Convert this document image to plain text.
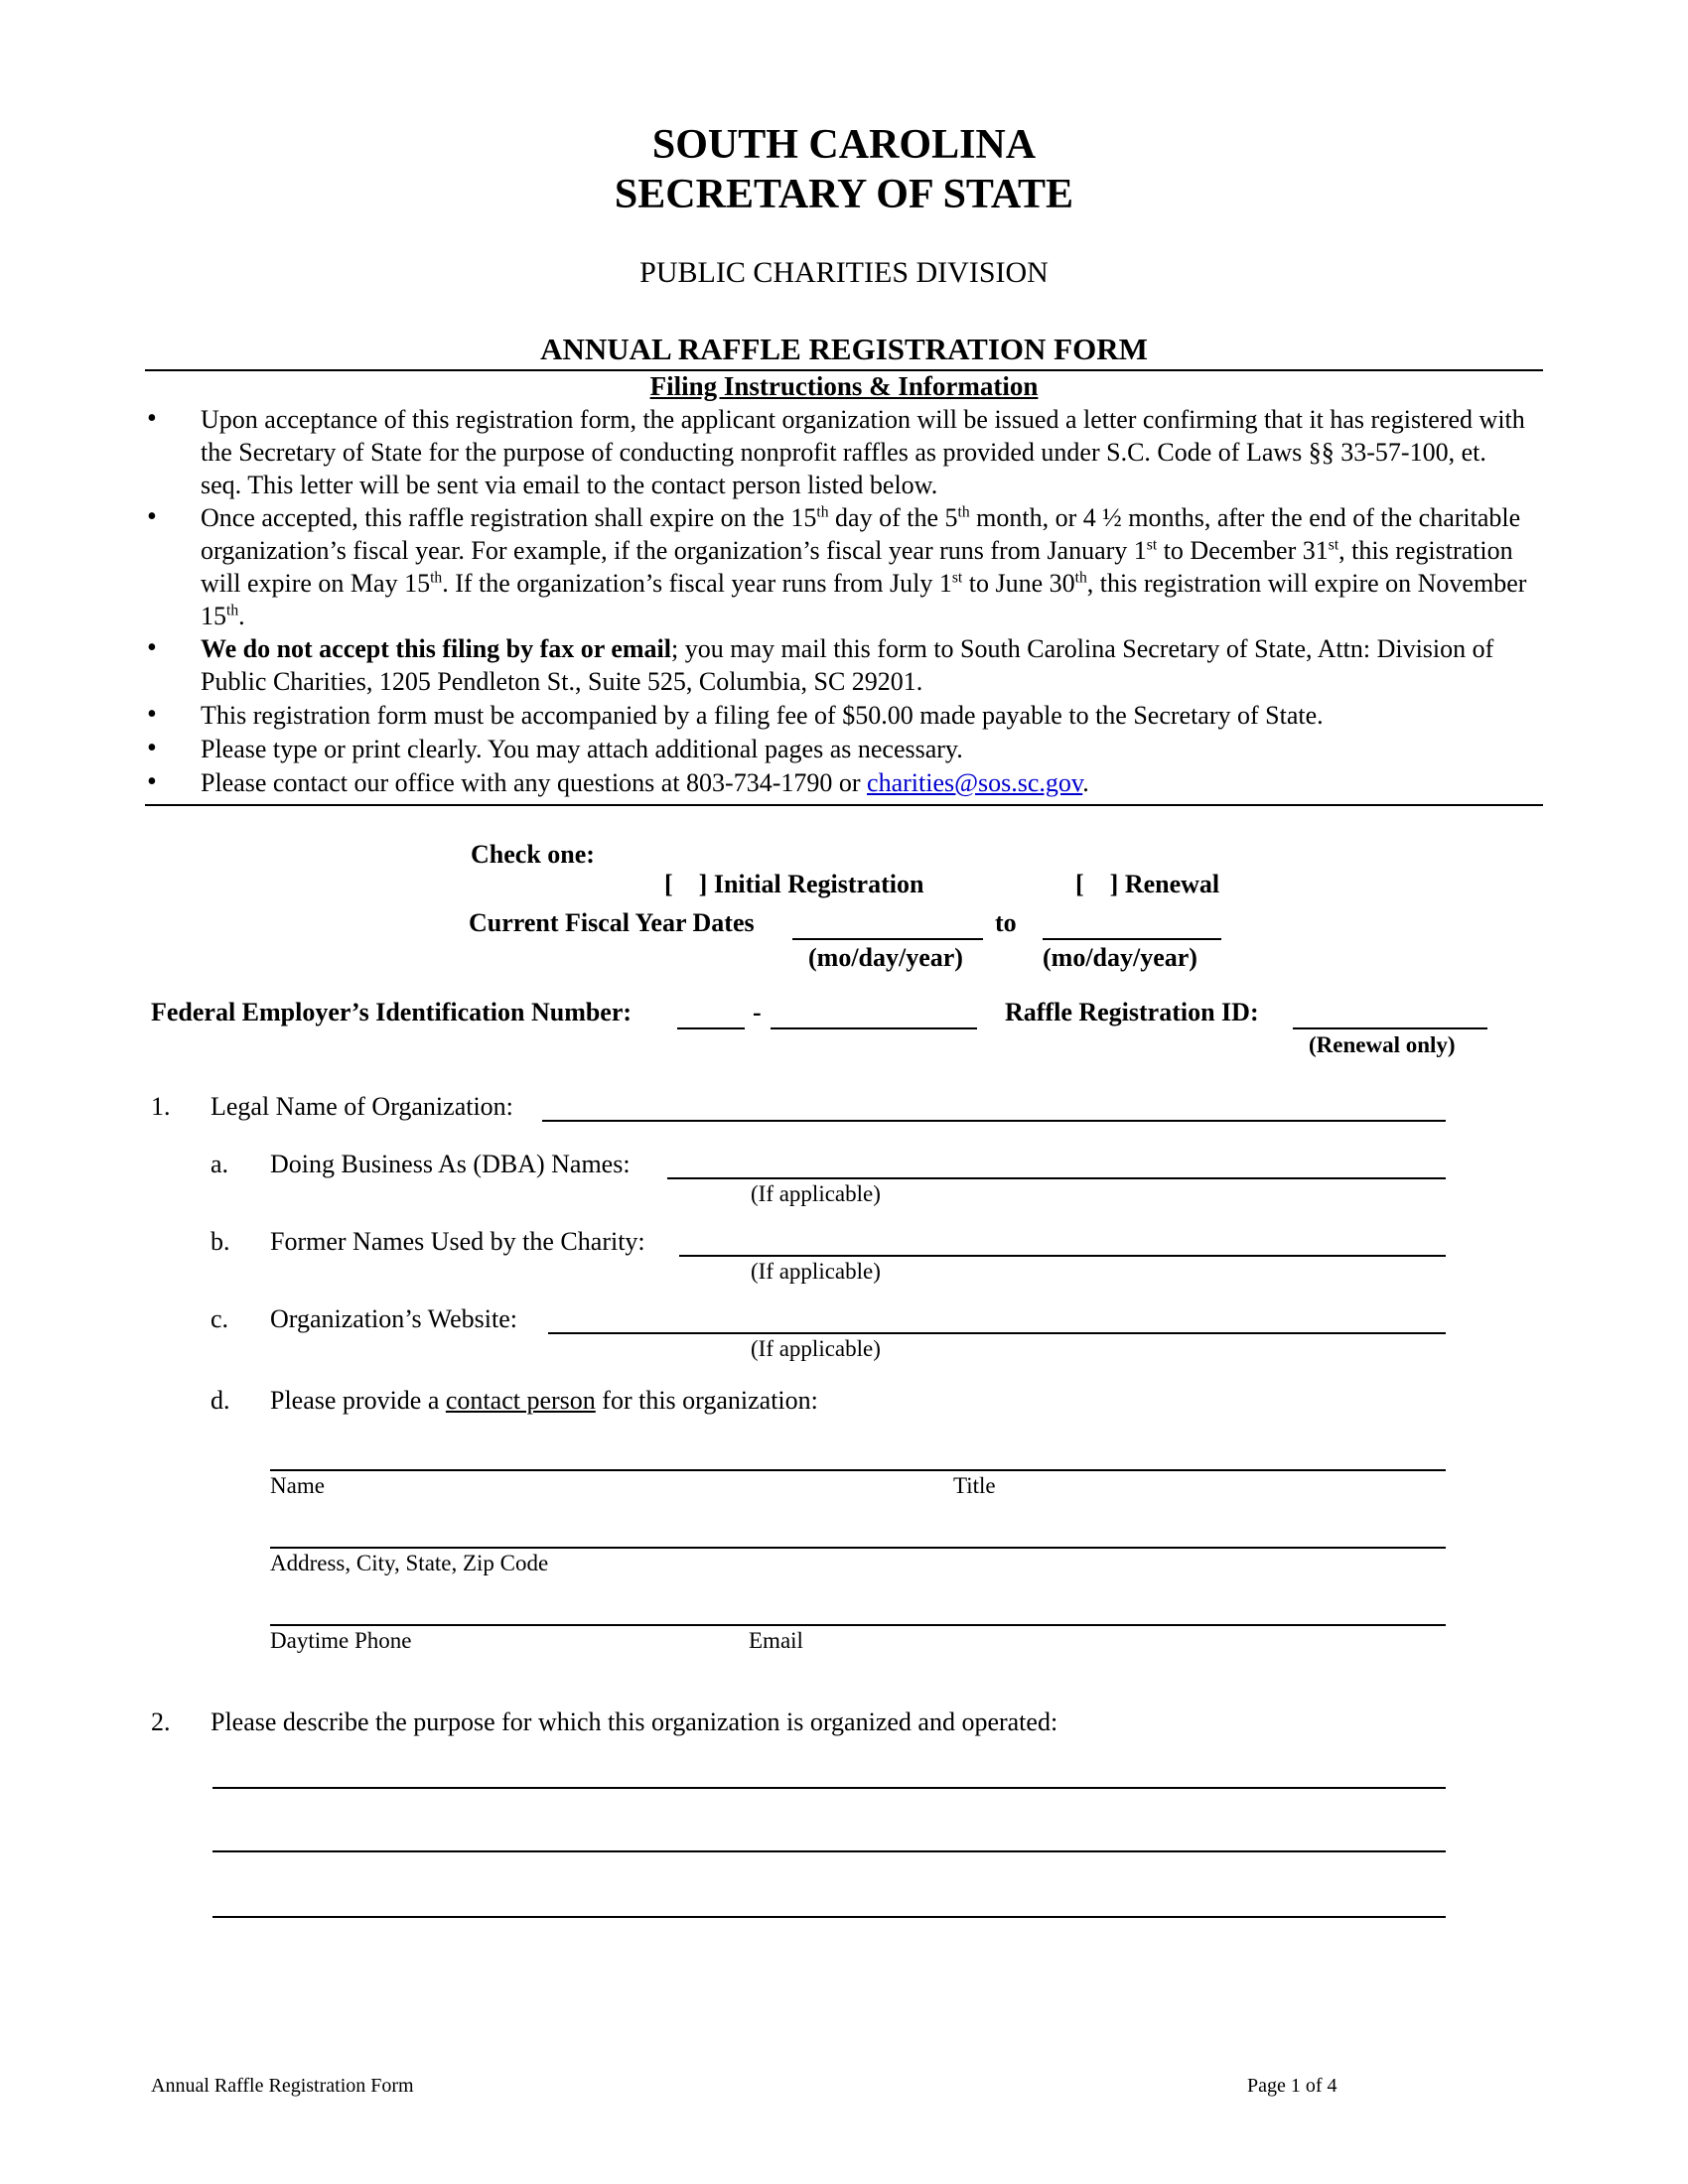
SOUTH CAROLINA
SECRETARY OF STATE
PUBLIC CHARITIES DIVISION
ANNUAL RAFFLE REGISTRATION FORM
Filing Instructions & Information
• Upon acceptance of this registration form, the applicant organization will be issued a letter confirming that it has registered with the Secretary of State for the purpose of conducting nonprofit raffles as provided under S.C. Code of Laws §§ 33-57-100, et. seq. This letter will be sent via email to the contact person listed below.
• Once accepted, this raffle registration shall expire on the 15th day of the 5th month, or 4 ½ months, after the end of the charitable organization’s fiscal year. For example, if the organization’s fiscal year runs from January 1st to December 31st, this registration will expire on May 15th. If the organization’s fiscal year runs from July 1st to June 30th, this registration will expire on November 15th.
• We do not accept this filing by fax or email; you may mail this form to South Carolina Secretary of State, Attn: Division of Public Charities, 1205 Pendleton St., Suite 525, Columbia, SC 29201.
• This registration form must be accompanied by a filing fee of $50.00 made payable to the Secretary of State.
• Please type or print clearly. You may attach additional pages as necessary.
• Please contact our office with any questions at 803-734-1790 or charities@sos.sc.gov.
Check one:

[    ] Initial Registration	[    ] Renewal

Current Fiscal Year Dates	to
(mo/day/year)	(mo/day/year)
Federal Employer’s Identification Number:	-	Raffle Registration ID:
(Renewal only)
1. Legal Name of Organization:
a. Doing Business As (DBA) Names:
(If applicable)
b. Former Names Used by the Charity:
(If applicable)
c. Organization’s Website:
(If applicable)
d. Please provide a contact person for this organization:
Name	Title
Address, City, State, Zip Code
Daytime Phone	Email
2. Please describe the purpose for which this organization is organized and operated:
Annual Raffle Registration Form	Page 1 of 4
